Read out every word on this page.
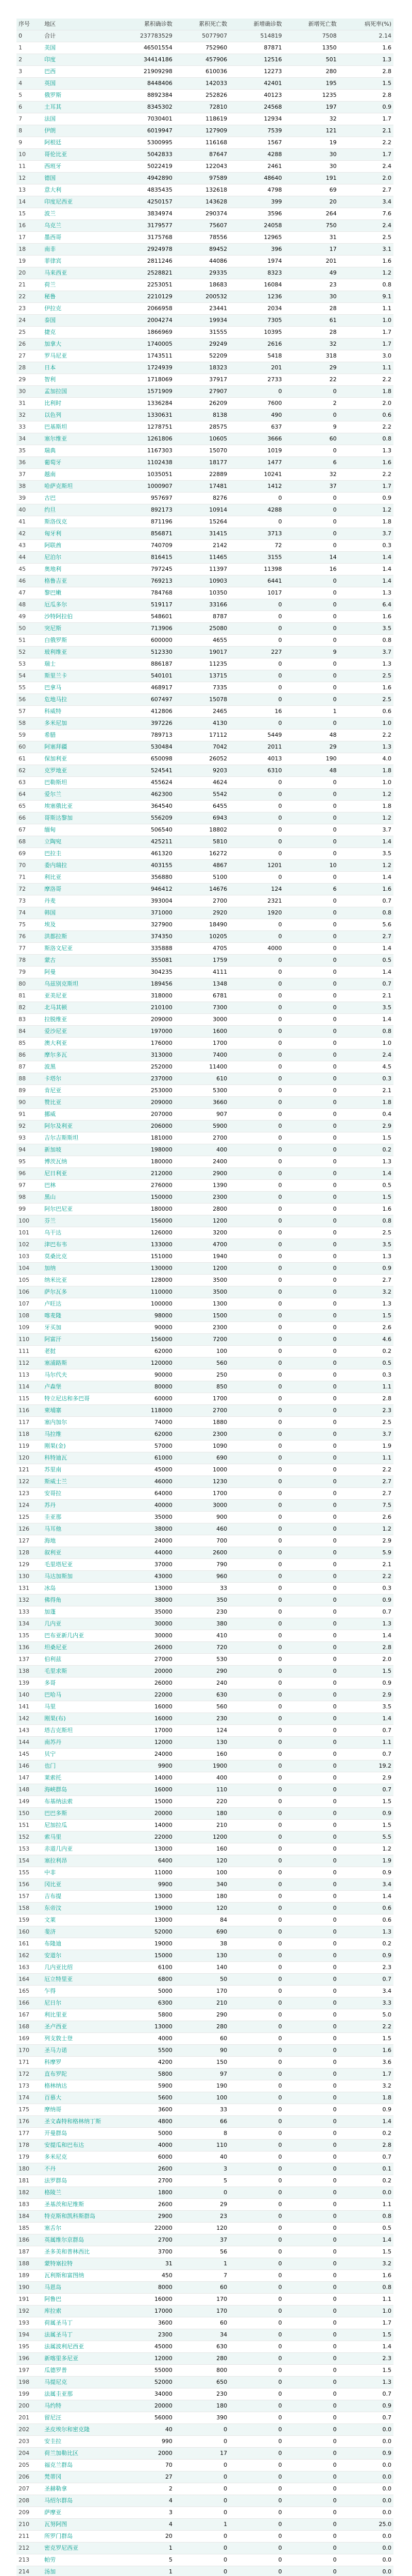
序号	地区	累积确诊数	累积死亡数	新增确诊数	新增死亡数	病死率(%)
0	合计	237783529	5077907	514819	7508	2.14
1	美国	46501554	752960	87871	1350	1.6
2	印度	34414186	457906	12516	501	1.3
3	巴西	21909298	610036	12273	280	2.8
4	英国	8448406	142033	42401	195	1.5
5	俄罗斯	8892384	252826	40123	1235	2.8
6	土耳其	8345302	72810	24568	197	0.9
7	法国	7030401	118619	12934	32	1.7
8	伊朗	6019947	127909	7539	121	2.1
9	阿根廷	5300995	116168	1567	19	2.2
10	哥伦比亚	5042833	87647	4288	30	1.7
11	西班牙	5022419	122043	2461	30	2.4
12	德国	4942890	97589	48640	191	2.0
13	意大利	4835435	132618	4798	69	2.7
14	印度尼西亚	4250157	143628	399	20	3.4
15	波兰	3834974	290374	3596	264	7.6
16	乌克兰	3179577	75607	24058	750	2.4
17	墨西哥	3175768	78556	12965	31	2.5
18	南非	2924978	89452	396	17	3.1
19	菲律宾	2811246	44086	1974	201	1.6
20	马来西亚	2528821	29335	8323	49	1.2
21	荷兰	2253051	18683	16084	23	0.8
22	秘鲁	2210129	200532	1236	30	9.1
23	伊拉克	2066958	23441	2034	28	1.1
24	泰国	2004274	19934	7305	61	1.0
25	捷克	1866969	31555	10395	28	1.7
26	加拿大	1740005	29249	2616	32	1.7
27	罗马尼亚	1743511	52209	5418	318	3.0
28	日本	1724939	18323	201	29	1.1
29	智利	1718069	37917	2733	22	2.2
30	孟加拉国	1571909	27907	0	0	1.8
31	比利时	1336284	26209	7600	2	2.0
32	以色列	1330631	8138	490	0	0.6
33	巴基斯坦	1278751	28575	637	9	2.2
34	塞尔维亚	1261806	10605	3666	60	0.8
35	瑞典	1167303	15070	1019	0	1.3
36	葡萄牙	1102438	18177	1477	6	1.6
37	越南	1035051	22889	10241	32	2.2
38	哈萨克斯坦	1000907	17481	1412	37	1.7
39	古巴	957697	8276	0	0	0.9
40	约旦	892173	10914	4288	0	1.2
41	斯洛伐克	871196	15264	0	0	1.8
42	匈牙利	856871	31415	3713	0	3.7
43	阿联酋	740709	2142	72	0	0.3
44	尼泊尔	816415	11465	3155	14	1.4
45	奥地利	797245	11397	11398	16	1.4
46	格鲁吉亚	769213	10903	6441	0	1.4
47	黎巴嫩	784768	10350	1017	0	1.3
48	厄瓜多尔	519117	33166	0	0	6.4
49	沙特阿拉伯	548601	8787	0	0	1.6
50	突尼斯	713906	25080	0	0	3.5
51	白俄罗斯	600000	4655	0	0	0.8
52	玻利维亚	512330	19017	227	9	3.7
53	瑞士	886187	11235	0	0	1.3
54	斯里兰卡	540101	13715	0	0	2.5
55	巴拿马	468917	7335	0	0	1.6
56	危地马拉	607497	15078	0	0	2.5
57	科威特	412806	2465	16	1	0.6
58	多米尼加	397226	4130	0	0	1.0
59	希腊	789713	17112	5449	48	2.2
60	阿塞拜疆	530484	7042	2011	29	1.3
61	保加利亚	650098	26052	4013	190	4.0
62	克罗地亚	524541	9203	6310	48	1.8
63	巴勒斯坦	455624	4624	0	0	1.0
64	爱尔兰	462300	5542	0	0	1.2
65	埃塞俄比亚	364540	6455	0	0	1.8
66	哥斯达黎加	556209	6943	0	0	1.2
67	缅甸	506540	18802	0	0	3.7
68	立陶宛	425211	5810	0	0	1.4
69	巴拉圭	461320	16272	0	0	3.5
70	委内瑞拉	403155	4867	1201	10	1.2
71	利比亚	356880	5100	0	0	1.4
72	摩洛哥	946412	14676	124	6	1.6
73	丹麦	393004	2700	2321	0	0.7
74	韩国	371000	2920	1920	0	0.8
75	埃及	327900	18490	0	0	5.6
76	洪都拉斯	374350	10205	0	0	2.7
77	斯洛文尼亚	335888	4705	4000	0	1.4
78	蒙古	355081	1759	0	0	0.5
79	阿曼	304235	4111	0	0	1.4
80	乌兹别克斯坦	189456	1348	0	0	0.7
81	亚美尼亚	318000	6781	0	0	2.1
82	北马其顿	210100	7300	0	0	3.5
83	拉脱维亚	209000	3000	0	0	1.4
84	爱沙尼亚	197000	1600	0	0	0.8
85	澳大利亚	176000	1700	0	0	1.0
86	摩尔多瓦	313000	7400	0	0	2.4
87	波黑	252000	11400	0	0	4.5
88	卡塔尔	237000	610	0	0	0.3
89	肯尼亚	253000	5300	0	0	2.1
90	赞比亚	209000	3660	0	0	1.8
91	挪威	207000	907	0	0	0.4
92	阿尔及利亚	206000	5900	0	0	2.9
93	吉尔吉斯斯坦	181000	2700	0	0	1.5
94	新加坡	198000	400	0	0	0.2
95	博茨瓦纳	180000	2400	0	0	1.3
96	尼日利亚	212000	2900	0	0	1.4
97	巴林	276000	1390	0	0	0.5
98	黑山	150000	2300	0	0	1.5
99	阿尔巴尼亚	180000	2800	0	0	1.6
100	芬兰	156000	1200	0	0	0.8
101	乌干达	126000	3200	0	0	2.5
102	津巴布韦	133000	4700	0	0	3.5
103	莫桑比克	151000	1940	0	0	1.3
104	加纳	130000	1200	0	0	0.9
105	纳米比亚	128000	3500	0	0	2.7
106	萨尔瓦多	110000	3500	0	0	3.2
107	卢旺达	100000	1300	0	0	1.3
108	喀麦隆	98000	1500	0	0	1.5
109	牙买加	90000	2300	0	0	2.6
110	阿富汗	156000	7200	0	0	4.6
111	老挝	62000	100	0	0	0.2
112	塞浦路斯	120000	560	0	0	0.5
113	马尔代夫	90000	250	0	0	0.3
114	卢森堡	80000	850	0	0	1.1
115	特立尼达和多巴哥	60000	1700	0	0	2.8
116	柬埔寨	118000	2700	0	0	2.3
117	塞内加尔	74000	1880	0	0	2.5
118	马拉维	62000	2300	0	0	3.7
119	刚果(金)	57000	1090	0	0	1.9
120	科特迪瓦	61000	690	0	0	1.1
121	苏里南	45000	1000	0	0	2.2
122	斯威士兰	46000	1230	0	0	2.7
123	安哥拉	64000	1700	0	0	2.7
124	苏丹	40000	3000	0	0	7.5
125	圭亚那	35000	900	0	0	2.6
126	马耳他	38000	460	0	0	1.2
127	海地	24000	700	0	0	2.9
128	叙利亚	44000	2600	0	0	5.9
129	毛里塔尼亚	37000	790	0	0	2.1
130	马达加斯加	43000	960	0	0	2.2
131	冰岛	13000	33	0	0	0.3
132	佛得角	38000	350	0	0	0.9
133	加蓬	35000	230	0	0	0.7
134	几内亚	30000	380	0	0	1.3
135	巴布亚新几内亚	30000	410	0	0	1.4
136	坦桑尼亚	26000	720	0	0	2.8
137	伯利兹	27000	530	0	0	2.0
138	毛里求斯	20000	290	0	0	1.5
139	多哥	26000	240	0	0	0.9
140	巴哈马	22000	630	0	0	2.9
141	马里	16000	560	0	0	3.5
142	刚果(布)	16000	230	0	0	1.4
143	塔吉克斯坦	17000	124	0	0	0.7
144	南苏丹	12000	130	0	0	1.1
145	贝宁	24000	160	0	0	0.7
146	也门	9900	1900	0	0	19.2
147	莱索托	14000	400	0	0	2.9
148	海峡群岛	16000	110	0	0	0.7
149	布基纳法索	15000	220	0	0	1.5
150	巴巴多斯	20000	180	0	0	0.9
151	尼加拉瓜	14000	210	0	0	1.5
152	索马里	22000	1200	0	0	5.5
153	赤道几内亚	13000	160	0	0	1.2
154	塞拉利昂	6400	120	0	0	1.9
155	中非	11000	100	0	0	0.9
156	冈比亚	9900	340	0	0	3.4
157	吉布提	13000	180	0	0	1.4
158	东帝汶	19000	120	0	0	0.6
159	文莱	13000	84	0	0	0.6
160	斐济	52000	690	0	0	1.3
161	布隆迪	19000	38	0	0	0.2
162	安道尔	15000	130	0	0	0.9
163	几内亚比绍	6100	140	0	0	2.3
164	厄立特里亚	6800	50	0	0	0.7
165	乍得	5000	170	0	0	3.4
166	尼日尔	6300	210	0	0	3.3
167	利比里亚	5800	290	0	0	5.0
168	圣卢西亚	13000	280	0	0	2.2
169	列支敦士登	4000	60	0	0	1.5
170	圣马力诺	5500	90	0	0	1.6
171	科摩罗	4200	150	0	0	3.6
172	直布罗陀	5800	97	0	0	1.7
173	格林纳达	5900	190	0	0	3.2
174	百慕大	5600	100	0	0	1.8
175	摩纳哥	3600	33	0	0	0.9
176	圣文森特和格林纳丁斯	4800	66	0	0	1.4
177	开曼群岛	5000	8	0	0	0.2
178	安提瓜和巴布达	4000	110	0	0	2.8
179	多米尼克	6000	40	0	0	0.7
180	不丹	2600	3	0	0	0.1
181	法罗群岛	2700	5	0	0	0.2
182	格陵兰	1800	0	0	0	0.0
183	圣基茨和尼维斯	2600	29	0	0	1.1
184	特克斯和凯科斯群岛	2900	23	0	0	0.8
185	塞舌尔	22000	120	0	0	0.5
186	英属维尔京群岛	2700	37	0	0	1.4
187	圣多美和普林西比	3700	56	0	0	1.5
188	蒙特塞拉特	31	1	0	0	3.2
189	瓦利斯和富图纳	450	7	0	0	1.6
190	马恩岛	8000	60	0	0	0.8
191	阿鲁巴	16000	170	0	0	1.1
192	库拉索	17000	170	0	0	1.0
193	荷属圣马丁	3600	60	0	0	1.7
194	法属圣马丁	2300	34	0	0	1.5
195	法属波利尼西亚	45000	630	0	0	1.4
196	新喀里多尼亚	12000	280	0	0	2.3
197	瓜德罗普	55000	800	0	0	1.5
198	马提尼克	52000	650	0	0	1.3
199	法属圭亚那	34000	230	0	0	0.7
200	马约特	20000	180	0	0	0.9
201	留尼汪	56000	390	0	0	0.7
202	圣皮埃尔和密克隆	40	0	0	0	0.0
203	安圭拉	990	0	0	0	0.0
204	荷兰加勒比区	2000	17	0	0	0.9
205	福克兰群岛	70	0	0	0	0.0
206	梵蒂冈	27	0	0	0	0.0
207	圣赫勒拿	2	0	0	0	0.0
208	马绍尔群岛	4	0	0	0	0.0
209	萨摩亚	3	0	0	0	0.0
210	瓦努阿图	4	1	0	0	25.0
211	所罗门群岛	20	0	0	0	0.0
212	密克罗尼西亚	1	0	0	0	0.0
213	帕劳	5	0	0	0	0.0
214	汤加	1	0	0	0	0.0
